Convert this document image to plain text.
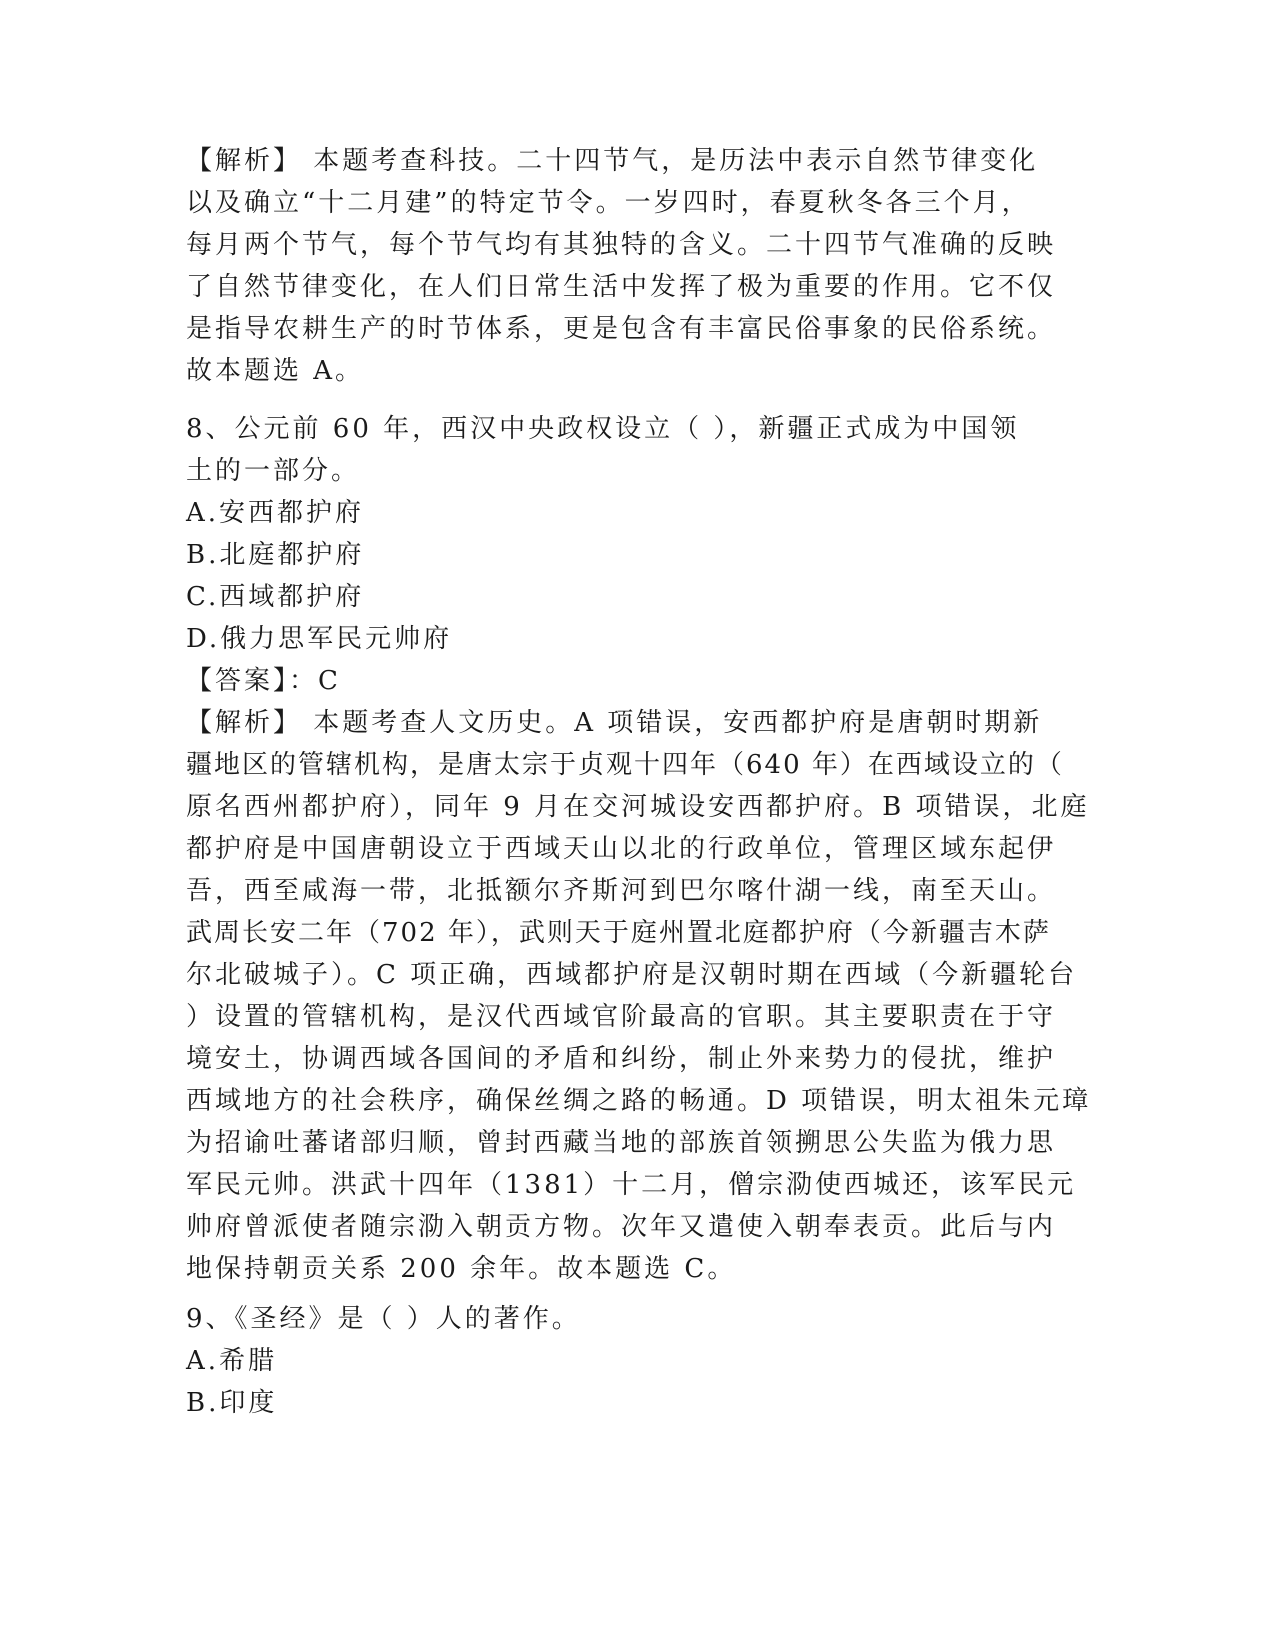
【解析】 本题考查科技。二十四节气，是历法中表示自然节律变化

以及确立“十二月建”的特定节令。一岁四时，春夏秋冬各三个月，

每月两个节气，每个节气均有其独特的含义。二十四节气准确的反映

了自然节律变化，在人们日常生活中发挥了极为重要的作用。它不仅

是指导农耕生产的时节体系，更是包含有丰富民俗事象的民俗系统。

故本题选 A。

8、公元前 60 年，西汉中央政权设立（ ），新疆正式成为中国领

土的一部分。

A.安西都护府

B.北庭都护府

C.西域都护府

D.俄力思军民元帅府

【答案】：C

【解析】 本题考查人文历史。A 项错误，安西都护府是唐朝时期新

疆地区的管辖机构，是唐太宗于贞观十四年（640 年）在西域设立的（

原名西州都护府），同年 9 月在交河城设安西都护府。B 项错误，北庭

都护府是中国唐朝设立于西域天山以北的行政单位，管理区域东起伊

吾，西至咸海一带，北抵额尔齐斯河到巴尔喀什湖一线，南至天山。

武周长安二年（702 年），武则天于庭州置北庭都护府（今新疆吉木萨

尔北破城子）。C 项正确，西域都护府是汉朝时期在西域（今新疆轮台

）设置的管辖机构，是汉代西域官阶最高的官职。其主要职责在于守

境安土，协调西域各国间的矛盾和纠纷，制止外来势力的侵扰，维护

西域地方的社会秩序，确保丝绸之路的畅通。D 项错误，明太祖朱元璋

为招谕吐蕃诸部归顺，曾封西藏当地的部族首领搠思公失监为俄力思

军民元帅。洪武十四年（1381）十二月，僧宗泐使西城还，该军民元

帅府曾派使者随宗泐入朝贡方物。次年又遣使入朝奉表贡。此后与内

地保持朝贡关系 200 余年。故本题选 C。

9、《圣经》是（ ）人的著作。

A.希腊

B.印度
